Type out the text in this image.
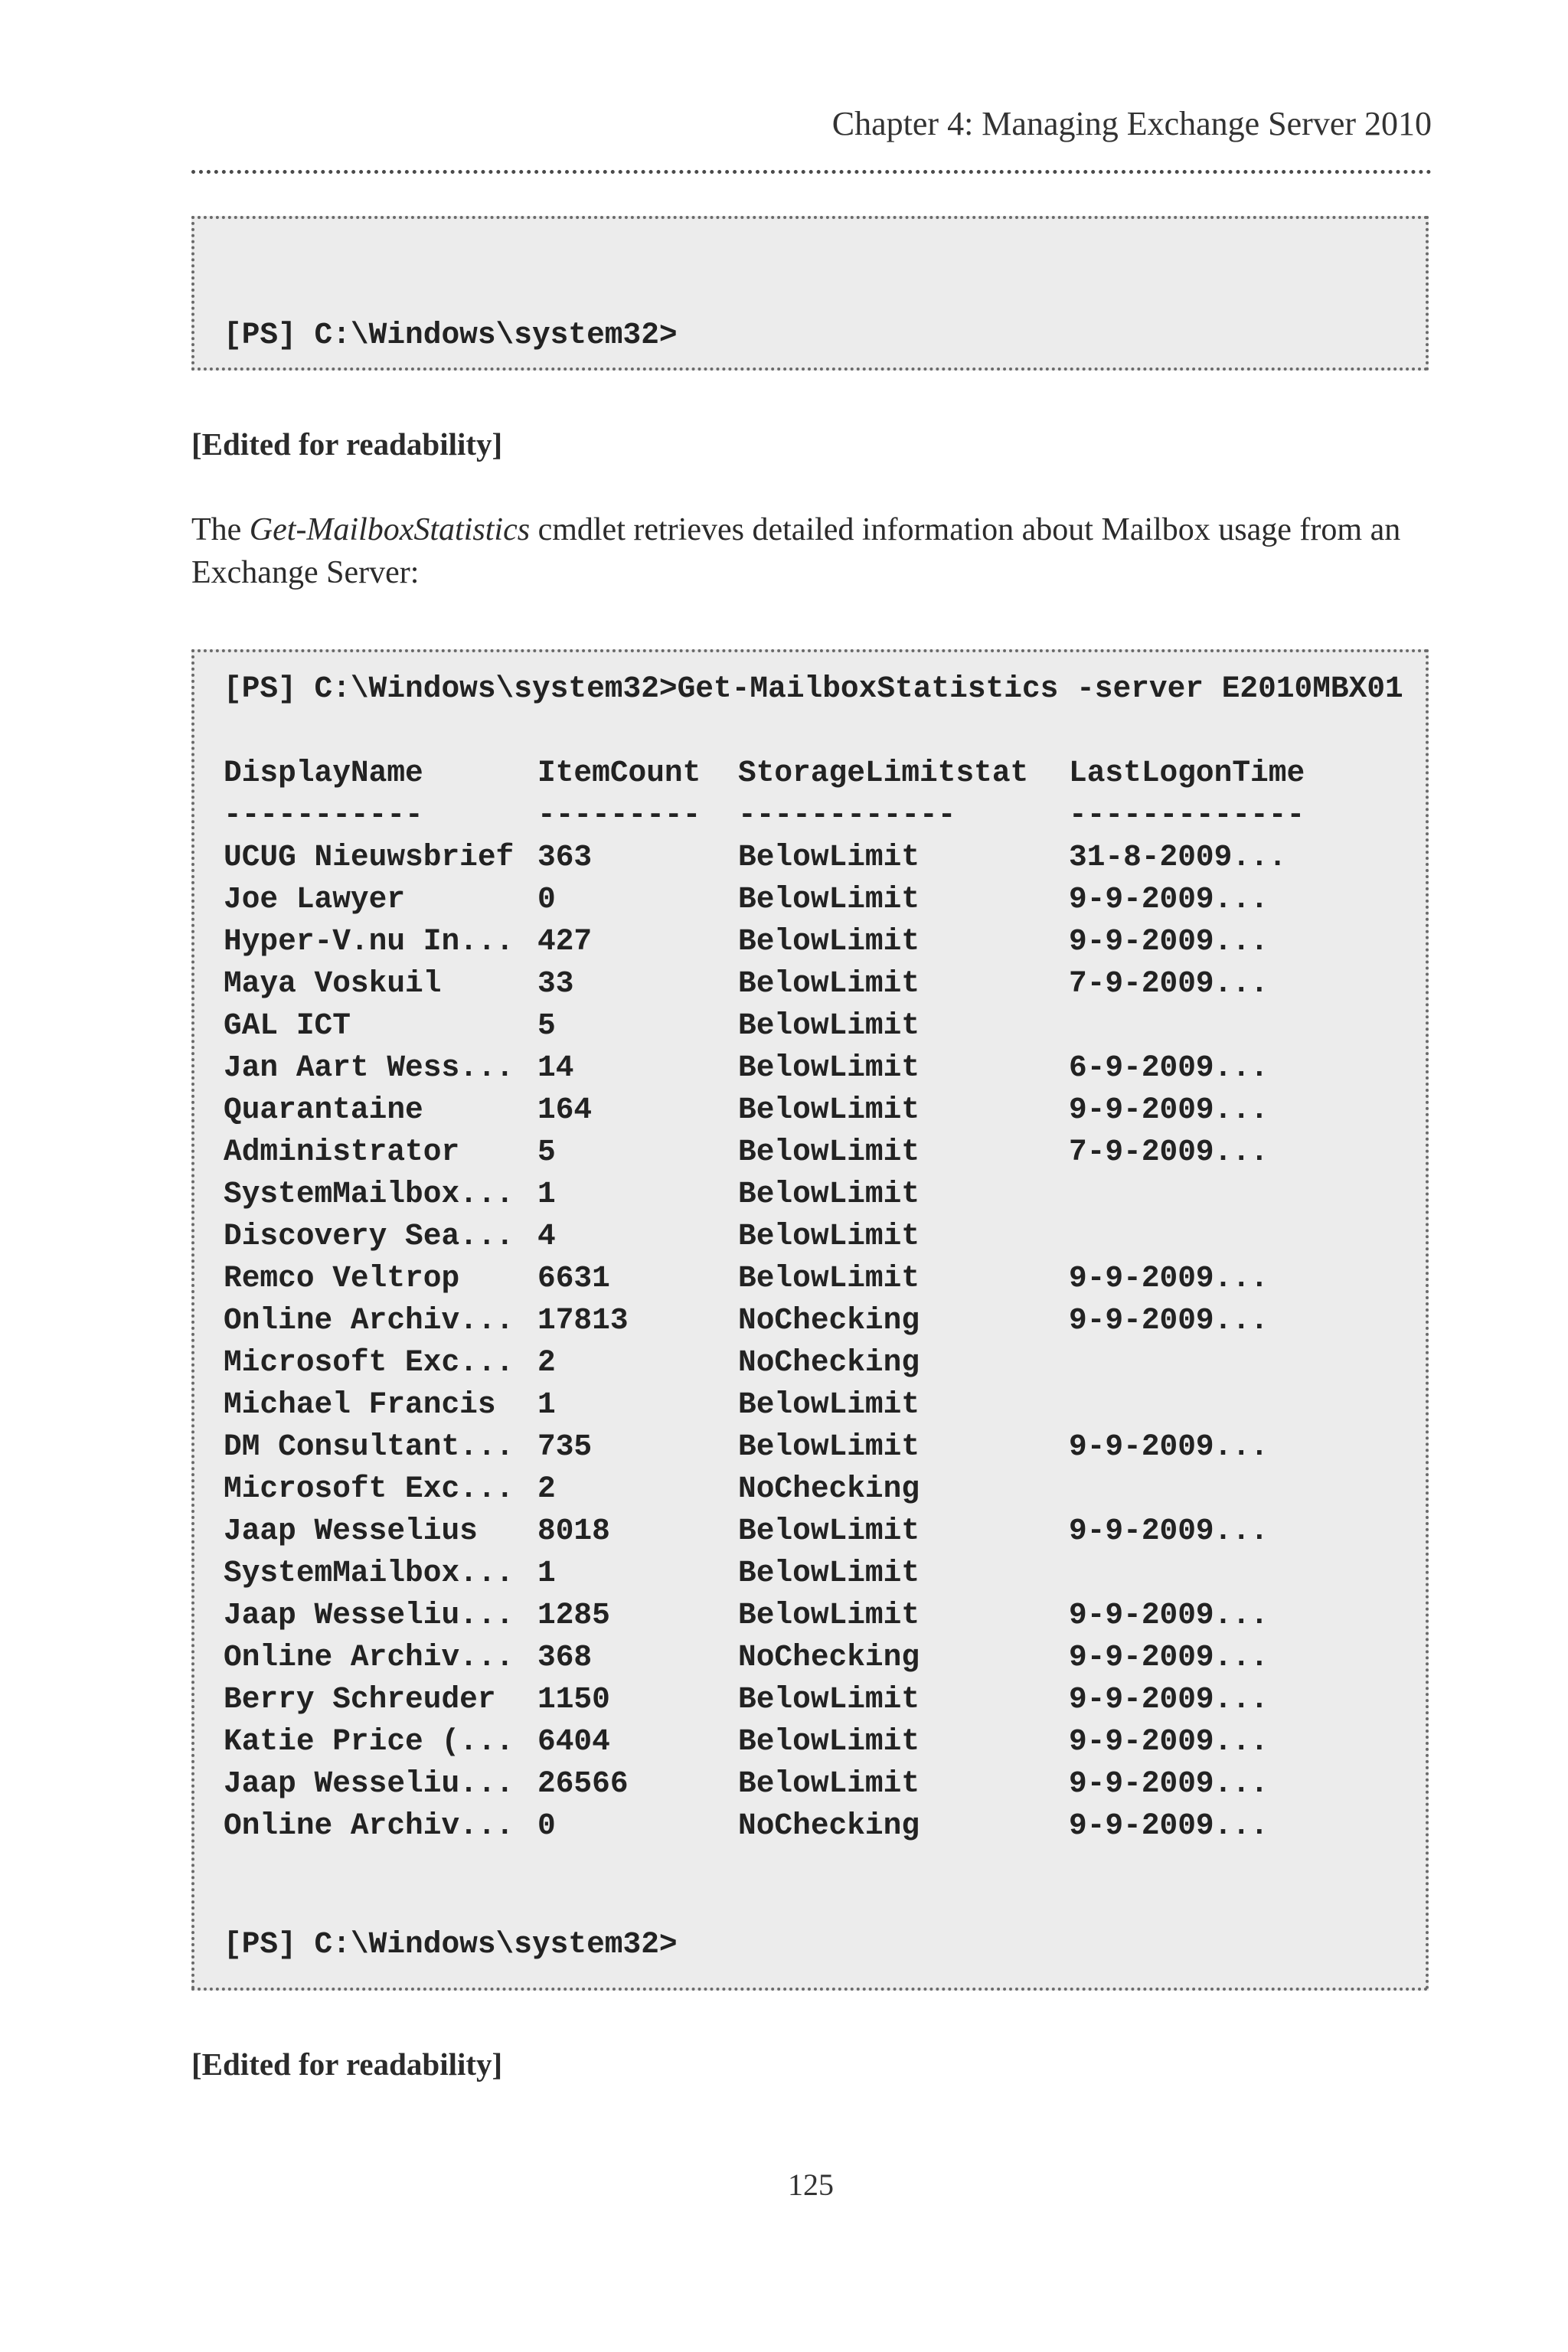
Chapter 4: Managing Exchange Server 2010
[PS] C:\Windows\system32>
[Edited for readability]
The Get-MailboxStatistics cmdlet retrieves detailed information about Mailbox usage from an Exchange Server:
[PS] C:\Windows\system32>Get-MailboxStatistics -server E2010MBX01
DisplayName	ItemCount StorageLimitstat LastLogonTime
-----------	--------- ------------	-------------
UCUG Nieuwsbrief 363	BelowLimit	31-8-2009...
Joe Lawyer	0	BelowLimit	9-9-2009...
Hyper-V.nu In... 427	BelowLimit	9-9-2009...
Maya Voskuil	33	BelowLimit	7-9-2009...
GAL ICT	5	BelowLimit
Jan Aart Wess... 14	BelowLimit	6-9-2009...
Quarantaine	164	BelowLimit	9-9-2009...
Administrator	5	BelowLimit	7-9-2009...
SystemMailbox... 1	BelowLimit
Discovery Sea... 4	BelowLimit
Remco Veltrop	6631	BelowLimit	9-9-2009...
Online Archiv... 17813	NoChecking	9-9-2009...
Microsoft Exc... 2	NoChecking
Michael Francis 1	BelowLimit
DM Consultant... 735	BelowLimit	9-9-2009...
Microsoft Exc... 2	NoChecking
Jaap Wesselius 8018	BelowLimit	9-9-2009...
SystemMailbox... 1	BelowLimit
Jaap Wesseliu... 1285	BelowLimit	9-9-2009...
Online Archiv... 368	NoChecking	9-9-2009...
Berry Schreuder 1150	BelowLimit	9-9-2009...
Katie Price (... 6404	BelowLimit	9-9-2009...
Jaap Wesseliu... 26566	BelowLimit	9-9-2009...
Online Archiv... 0	NoChecking	9-9-2009...
[PS] C:\Windows\system32>
[Edited for readability]
125
